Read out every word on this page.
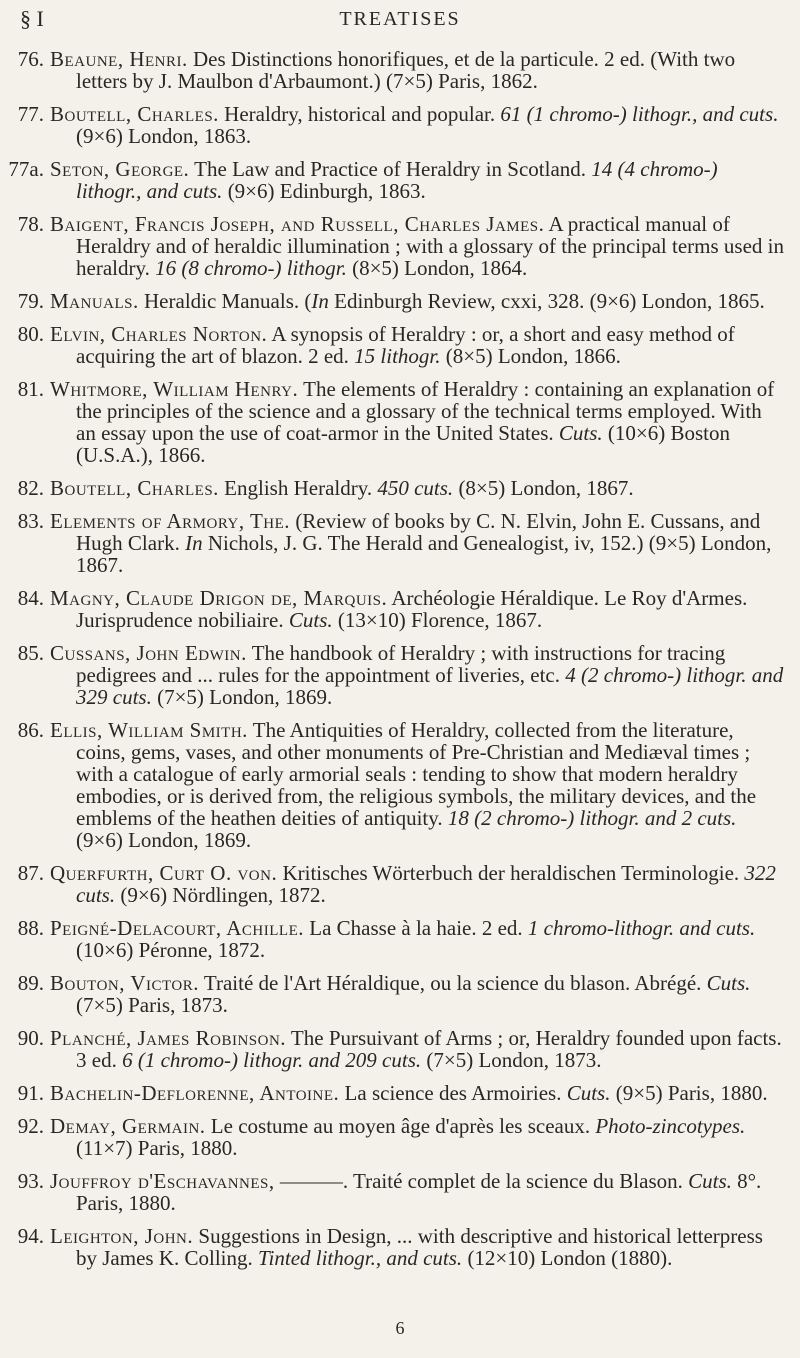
§ I	TREATISES
76. Beaune, Henri. Des Distinctions honorifiques, et de la particule. 2 ed. (With two letters by J. Maulbon d'Arbaumont.) (7×5) Paris, 1862.
77. Boutell, Charles. Heraldry, historical and popular. 61 (1 chromo-) lithogr., and cuts. (9×6) London, 1863.
77a. Seton, George. The Law and Practice of Heraldry in Scotland. 14 (4 chromo-) lithogr., and cuts. (9×6) Edinburgh, 1863.
78. Baigent, Francis Joseph, and Russell, Charles James. A practical manual of Heraldry and of heraldic illumination ; with a glossary of the principal terms used in heraldry. 16 (8 chromo-) lithogr. (8×5) London, 1864.
79. Manuals. Heraldic Manuals. (In Edinburgh Review, cxxi, 328. (9×6) London, 1865.
80. Elvin, Charles Norton. A synopsis of Heraldry : or, a short and easy method of acquiring the art of blazon. 2 ed. 15 lithogr. (8×5) London, 1866.
81. Whitmore, William Henry. The elements of Heraldry : containing an explanation of the principles of the science and a glossary of the technical terms employed. With an essay upon the use of coat-armor in the United States. Cuts. (10×6) Boston (U.S.A.), 1866.
82. Boutell, Charles. English Heraldry. 450 cuts. (8×5) London, 1867.
83. Elements of Armory, The. (Review of books by C. N. Elvin, John E. Cussans, and Hugh Clark. In Nichols, J. G. The Herald and Genealogist, iv, 152.) (9×5) London, 1867.
84. Magny, Claude Drigon de, Marquis. Archéologie Héraldique. Le Roy d'Armes. Jurisprudence nobiliaire. Cuts. (13×10) Florence, 1867.
85. Cussans, John Edwin. The handbook of Heraldry ; with instructions for tracing pedigrees and ... rules for the appointment of liveries, etc. 4 (2 chromo-) lithogr. and 329 cuts. (7×5) London, 1869.
86. Ellis, William Smith. The Antiquities of Heraldry, collected from the literature, coins, gems, vases, and other monuments of Pre-Christian and Mediæval times ; with a catalogue of early armorial seals : tending to show that modern heraldry embodies, or is derived from, the religious symbols, the military devices, and the emblems of the heathen deities of antiquity. 18 (2 chromo-) lithogr. and 2 cuts. (9×6) London, 1869.
87. Querfurth, Curt O. von. Kritisches Wörterbuch der heraldischen Terminologie. 322 cuts. (9×6) Nördlingen, 1872.
88. Peigné-Delacourt, Achille. La Chasse à la haie. 2 ed. 1 chromo-lithogr. and cuts. (10×6) Péronne, 1872.
89. Bouton, Victor. Traité de l'Art Héraldique, ou la science du blason. Abrégé. Cuts. (7×5) Paris, 1873.
90. Planché, James Robinson. The Pursuivant of Arms ; or, Heraldry founded upon facts. 3 ed. 6 (1 chromo-) lithogr. and 209 cuts. (7×5) London, 1873.
91. Bachelin-Deflorenne, Antoine. La science des Armoiries. Cuts. (9×5) Paris, 1880.
92. Demay, Germain. Le costume au moyen âge d'après les sceaux. Photo-zincotypes. (11×7) Paris, 1880.
93. Jouffroy d'Eschavannes, ———. Traité complet de la science du Blason. Cuts. 8°. Paris, 1880.
94. Leighton, John. Suggestions in Design, ... with descriptive and historical letterpress by James K. Colling. Tinted lithogr., and cuts. (12×10) London (1880).
6
